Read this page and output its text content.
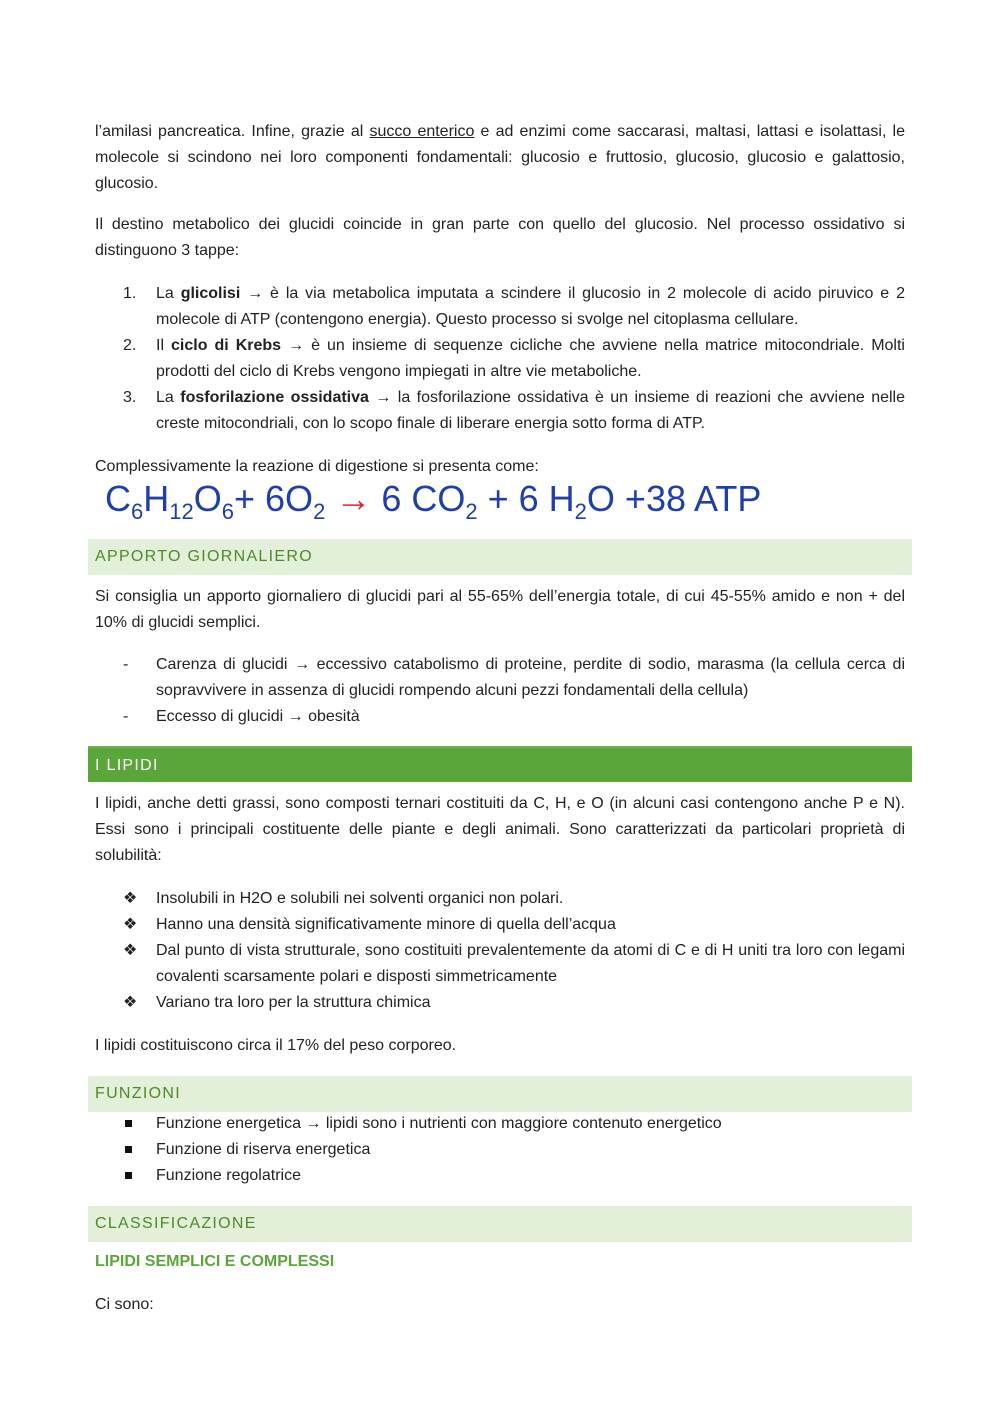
l’amilasi pancreatica. Infine, grazie al succo enterico e ad enzimi come saccarasi, maltasi, lattasi e isolattasi, le molecole si scindono nei loro componenti fondamentali: glucosio e fruttosio, glucosio, glucosio e galattosio, glucosio.

Il destino metabolico dei glucidi coincide in gran parte con quello del glucosio. Nel processo ossidativo si distinguono 3 tappe:

1. La glicolisi → è la via metabolica imputata a scindere il glucosio in 2 molecole di acido piruvico e 2 molecole di ATP (contengono energia). Questo processo si svolge nel citoplasma cellulare.
2. Il ciclo di Krebs → è un insieme di sequenze cicliche che avviene nella matrice mitocondriale. Molti prodotti del ciclo di Krebs vengono impiegati in altre vie metaboliche.
3. La fosforilazione ossidativa → la fosforilazione ossidativa è un insieme di reazioni che avviene nelle creste mitocondriali, con lo scopo finale di liberare energia sotto forma di ATP.

Complessivamente la reazione di digestione si presenta come:

$C_6H_{12}O_6+ 6O_2 \to 6$ $CO_2 + 6$ $H_2O +38$ ATP
APPORTO GIORNALIERO

Si consiglia un apporto giornaliero di glucidi pari al 55-65% dell’energia totale, di cui 45-55% amido e non + del 10% di glucidi semplici.

- Carenza di glucidi → eccessivo catabolismo di proteine, perdite di sodio, marasma (la cellula cerca di sopravvivere in assenza di glucidi rompendo alcuni pezzi fondamentali della cellula)
- Eccesso di glucidi → obesità
I LIPIDI

I lipidi, anche detti grassi, sono composti ternari costituiti da C, H, e O (in alcuni casi contengono anche P e N). Essi sono i principali costituente delle piante e degli animali. Sono caratterizzati da particolari proprietà di solubilità:

❖ Insolubili in H2O e solubili nei solventi organici non polari.
❖ Hanno una densità significativamente minore di quella dell’acqua
❖ Dal punto di vista strutturale, sono costituiti prevalentemente da atomi di C e di H uniti tra loro con legami covalenti scarsamente polari e disposti simmetricamente
❖ Variano tra loro per la struttura chimica

I lipidi costituiscono circa il 17% del peso corporeo.

FUNZIONI
Funzione energetica → lipidi sono i nutrienti con maggiore contenuto energetico
Funzione di riserva energetica
Funzione regolatrice
CLASSIFICAZIONE
LIPIDI SEMPLICI E COMPLESSI

Ci sono:
